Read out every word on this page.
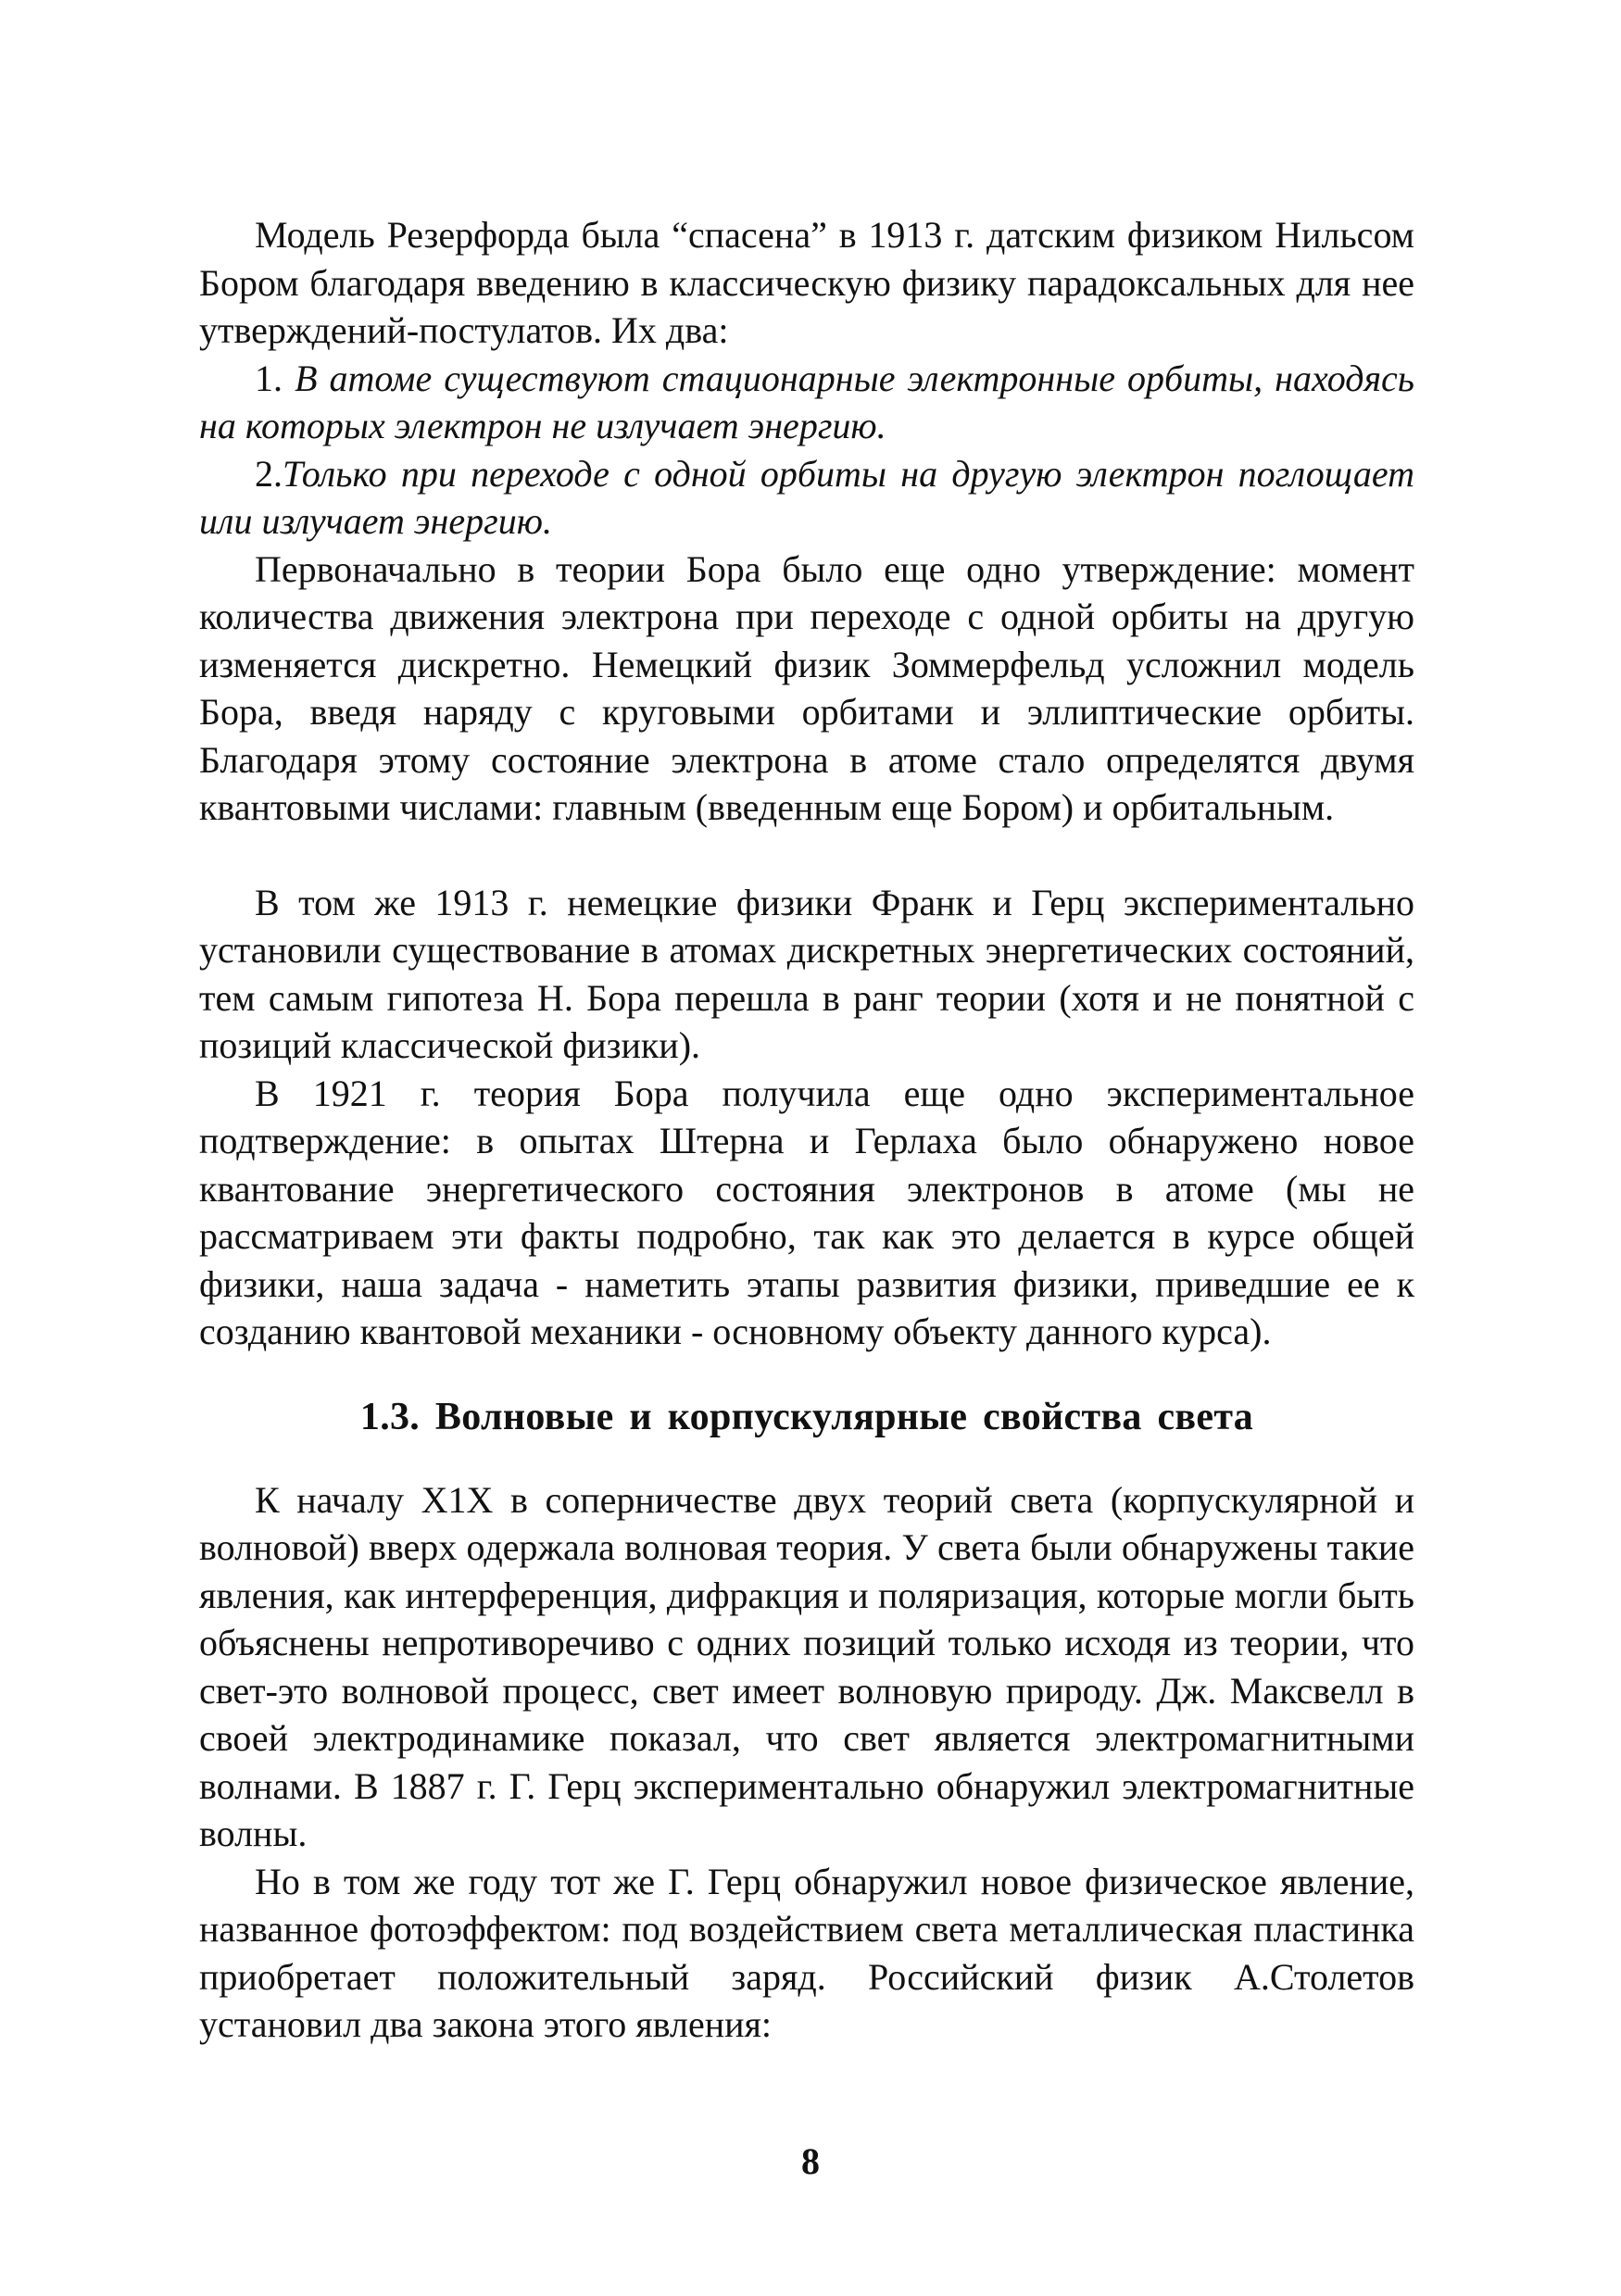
Модель Резерфорда была “спасена” в 1913 г. датским физиком Нильсом Бором благодаря введению в классическую физику парадоксальных для нее утверждений-постулатов. Их два:

1. В атоме существуют стационарные электронные орбиты, находясь на которых электрон не излучает энергию.

2.Только при переходе с одной орбиты на другую электрон поглощает или излучает энергию.

Первоначально в теории Бора было еще одно утверждение: момент количества движения электрона при переходе с одной орбиты на другую изменяется дискретно. Немецкий физик Зоммерфельд усложнил модель Бора, введя наряду с круговыми орбитами и эллиптические орбиты. Благодаря этому состояние электрона в атоме стало определятся двумя квантовыми числами: главным (введенным еще Бором) и орбитальным.

В том же 1913 г. немецкие физики Франк и Герц экспериментально установили существование в атомах дискретных энергетических состояний, тем самым гипотеза Н. Бора перешла в ранг теории (хотя и не понятной с позиций классической физики).

В 1921 г. теория Бора получила еще одно экспериментальное подтверждение: в опытах Штерна и Герлаха было обнаружено новое квантование энергетического состояния электронов в атоме (мы не рассматриваем эти факты подробно, так как это делается в курсе общей физики, наша задача - наметить этапы развития физики, приведшие ее к созданию квантовой механики - основному объекту данного курса).

1.3. Волновые и корпускулярные свойства света

К началу Х1Х в соперничестве двух теорий света (корпускулярной и волновой) вверх одержала волновая теория. У света были обнаружены такие явления, как интерференция, дифракция и поляризация, которые могли быть объяснены непротиворечиво с одних позиций только исходя из теории, что свет-это волновой процесс, свет имеет волновую природу. Дж. Максвелл в своей электродинамике показал, что свет является электромагнитными волнами. В 1887 г. Г. Герц экспериментально обнаружил электромагнитные волны.

Но в том же году тот же Г. Герц обнаружил новое физическое явление, названное фотоэффектом: под воздействием света металлическая пластинка приобретает положительный заряд. Российский физик А.Столетов установил два закона этого явления:

8
